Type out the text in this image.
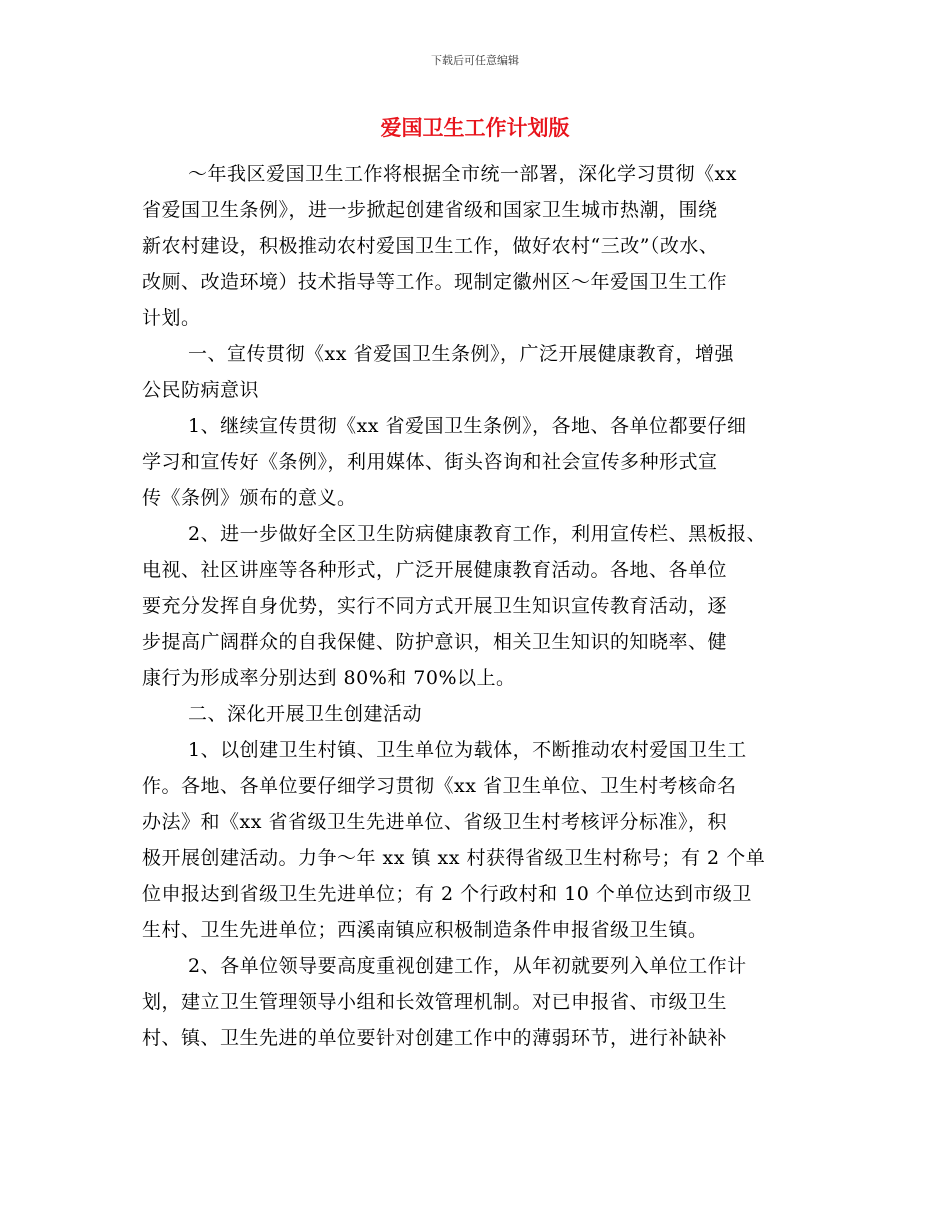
下载后可任意编辑
爱国卫生工作计划版
～年我区爱国卫生工作将根据全市统一部署，深化学习贯彻《xx
省爱国卫生条例》，进一步掀起创建省级和国家卫生城市热潮，围绕
新农村建设，积极推动农村爱国卫生工作，做好农村“三改”（改水、
改厕、改造环境）技术指导等工作。现制定徽州区～年爱国卫生工作
计划。
一、宣传贯彻《xx 省爱国卫生条例》，广泛开展健康教育，增强
公民防病意识
1、继续宣传贯彻《xx 省爱国卫生条例》，各地、各单位都要仔细
学习和宣传好《条例》，利用媒体、街头咨询和社会宣传多种形式宣
传《条例》颁布的意义。
2、进一步做好全区卫生防病健康教育工作，利用宣传栏、黑板报、
电视、社区讲座等各种形式，广泛开展健康教育活动。各地、各单位
要充分发挥自身优势，实行不同方式开展卫生知识宣传教育活动，逐
步提高广阔群众的自我保健、防护意识，相关卫生知识的知晓率、健
康行为形成率分别达到 80%和 70%以上。
二、深化开展卫生创建活动
1、以创建卫生村镇、卫生单位为载体，不断推动农村爱国卫生工
作。各地、各单位要仔细学习贯彻《xx 省卫生单位、卫生村考核命名
办法》和《xx 省省级卫生先进单位、省级卫生村考核评分标准》，积
极开展创建活动。力争～年 xx 镇 xx 村获得省级卫生村称号；有 2 个单
位申报达到省级卫生先进单位；有 2 个行政村和 10 个单位达到市级卫
生村、卫生先进单位；西溪南镇应积极制造条件申报省级卫生镇。
2、各单位领导要高度重视创建工作，从年初就要列入单位工作计
划，建立卫生管理领导小组和长效管理机制。对已申报省、市级卫生
村、镇、卫生先进的单位要针对创建工作中的薄弱环节，进行补缺补
